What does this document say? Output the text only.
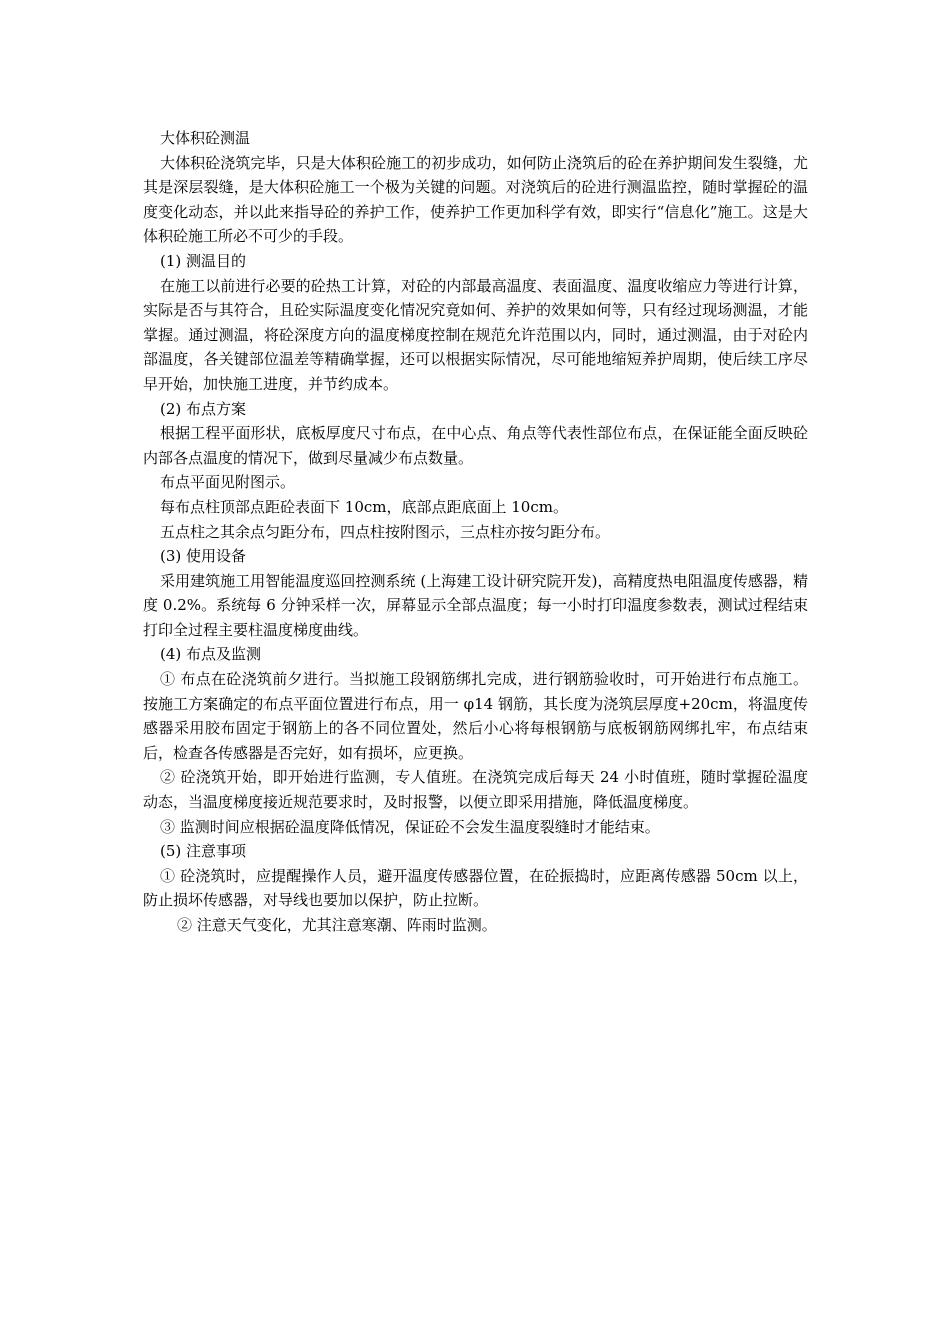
大体积砼测温

大体积砼浇筑完毕，只是大体积砼施工的初步成功，如何防止浇筑后的砼在养护期间发生裂缝，尤其是深层裂缝，是大体积砼施工一个极为关键的问题。对浇筑后的砼进行测温监控，随时掌握砼的温度变化动态，并以此来指导砼的养护工作，使养护工作更加科学有效，即实行“信息化”施工。这是大体积砼施工所必不可少的手段。

(1) 测温目的

在施工以前进行必要的砼热工计算，对砼的内部最高温度、表面温度、温度收缩应力等进行计算，实际是否与其符合，且砼实际温度变化情况究竟如何、养护的效果如何等，只有经过现场测温，才能掌握。通过测温，将砼深度方向的温度梯度控制在规范允许范围以内，同时，通过测温，由于对砼内部温度，各关键部位温差等精确掌握，还可以根据实际情况，尽可能地缩短养护周期，使后续工序尽早开始，加快施工进度，并节约成本。

(2) 布点方案

根据工程平面形状，底板厚度尺寸布点，在中心点、角点等代表性部位布点，在保证能全面反映砼内部各点温度的情况下，做到尽量减少布点数量。

布点平面见附图示。

每布点柱顶部点距砼表面下 10cm，底部点距底面上 10cm。

五点柱之其余点匀距分布，四点柱按附图示，三点柱亦按匀距分布。

(3) 使用设备

采用建筑施工用智能温度巡回控测系统 (上海建工设计研究院开发)，高精度热电阻温度传感器，精度 0.2%。系统每 6 分钟采样一次，屏幕显示全部点温度；每一小时打印温度参数表，测试过程结束打印全过程主要柱温度梯度曲线。

(4) 布点及监测

① 布点在砼浇筑前夕进行。当拟施工段钢筋绑扎完成，进行钢筋验收时，可开始进行布点施工。按施工方案确定的布点平面位置进行布点，用一 φ14 钢筋，其长度为浇筑层厚度+20cm，将温度传感器采用胶布固定于钢筋上的各不同位置处，然后小心将每根钢筋与底板钢筋网绑扎牢，布点结束后，检查各传感器是否完好，如有损坏，应更换。

② 砼浇筑开始，即开始进行监测，专人值班。在浇筑完成后每天 24 小时值班，随时掌握砼温度动态，当温度梯度接近规范要求时，及时报警，以便立即采用措施，降低温度梯度。

③ 监测时间应根据砼温度降低情况，保证砼不会发生温度裂缝时才能结束。

(5) 注意事项

① 砼浇筑时，应提醒操作人员，避开温度传感器位置，在砼振捣时，应距离传感器 50cm 以上， 防止损坏传感器，对导线也要加以保护，防止拉断。

② 注意天气变化，尤其注意寒潮、阵雨时监测。
